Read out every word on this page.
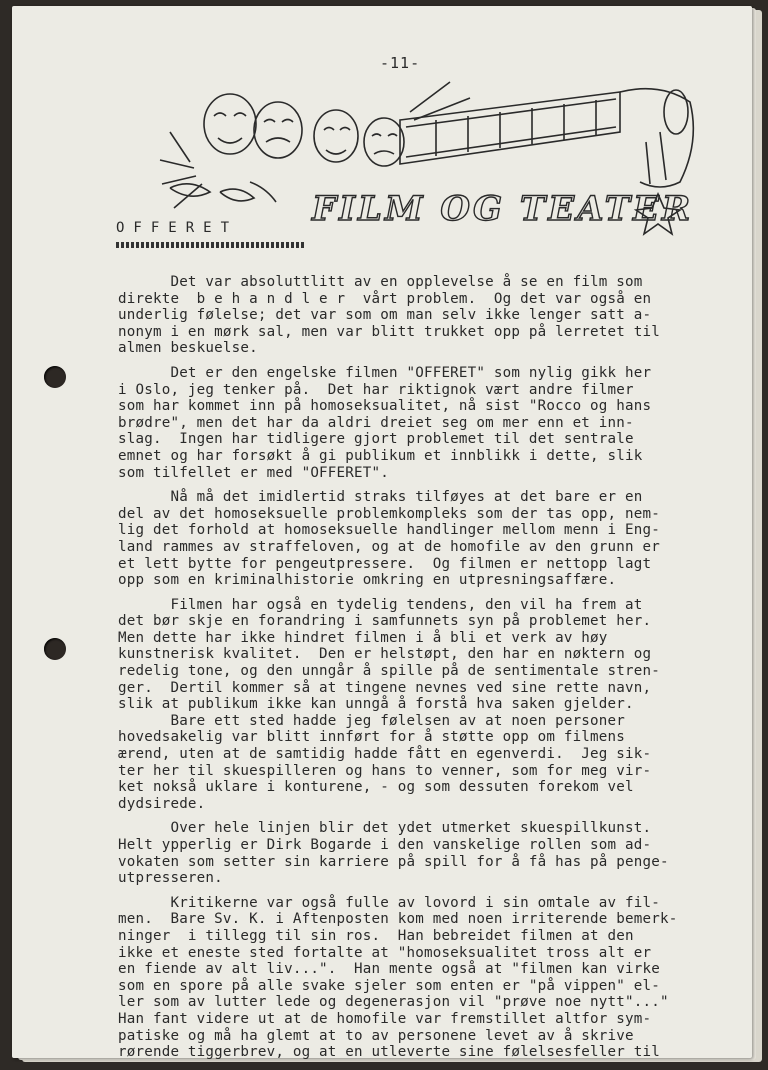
-11-
FILM OG TEATER
OFFERET
Det var absoluttlitt av en opplevelse å se en film som
direkte  b e h a n d l e r  vårt problem.  Og det var også en
underlig følelse; det var som om man selv ikke lenger satt a-
nonym i en mørk sal, men var blitt trukket opp på lerretet til
almen beskuelse.
Det er den engelske filmen "OFFERET" som nylig gikk her
i Oslo, jeg tenker på.  Det har riktignok vært andre filmer
som har kommet inn på homoseksualitet, nå sist "Rocco og hans
brødre", men det har da aldri dreiet seg om mer enn et inn-
slag.  Ingen har tidligere gjort problemet til det sentrale
emnet og har forsøkt å gi publikum et innblikk i dette, slik
som tilfellet er med "OFFERET".
Nå må det imidlertid straks tilføyes at det bare er en
del av det homoseksuelle problemkompleks som der tas opp, nem-
lig det forhold at homoseksuelle handlinger mellom menn i Eng-
land rammes av straffeloven, og at de homofile av den grunn er
et lett bytte for pengeutpressere.  Og filmen er nettopp lagt
opp som en kriminalhistorie omkring en utpresningsaffære.
Filmen har også en tydelig tendens, den vil ha frem at
det bør skje en forandring i samfunnets syn på problemet her.
Men dette har ikke hindret filmen i å bli et verk av høy
kunstnerisk kvalitet.  Den er helstøpt, den har en nøktern og
redelig tone, og den unngår å spille på de sentimentale stren-
ger.  Dertil kommer så at tingene nevnes ved sine rette navn,
slik at publikum ikke kan unngå å forstå hva saken gjelder.
Bare ett sted hadde jeg følelsen av at noen personer
hovedsakelig var blitt innført for å støtte opp om filmens
ærend, uten at de samtidig hadde fått en egenverdi.  Jeg sik-
ter her til skuespilleren og hans to venner, som for meg vir-
ket nokså uklare i konturene, - og som dessuten forekom vel
dydsirede.
Over hele linjen blir det ydet utmerket skuespillkunst.
Helt ypperlig er Dirk Bogarde i den vanskelige rollen som ad-
vokaten som setter sin karriere på spill for å få has på penge-
utpresseren.
Kritikerne var også fulle av lovord i sin omtale av fil-
men.  Bare Sv. K. i Aftenposten kom med noen irriterende bemerk-
ninger  i tillegg til sin ros.  Han bebreidet filmen at den
ikke et eneste sted fortalte at "homoseksualitet tross alt er
en fiende av alt liv...".  Han mente også at "filmen kan virke
som en spore på alle svake sjeler som enten er "på vippen" el-
ler som av lutter lede og degenerasjon vil "prøve noe nytt"..."
Han fant videre ut at de homofile var fremstillet altfor sym-
patiske og må ha glemt at to av personene levet av å skrive
rørende tiggerbrev, og at en utleverte sine følelsesfeller til
